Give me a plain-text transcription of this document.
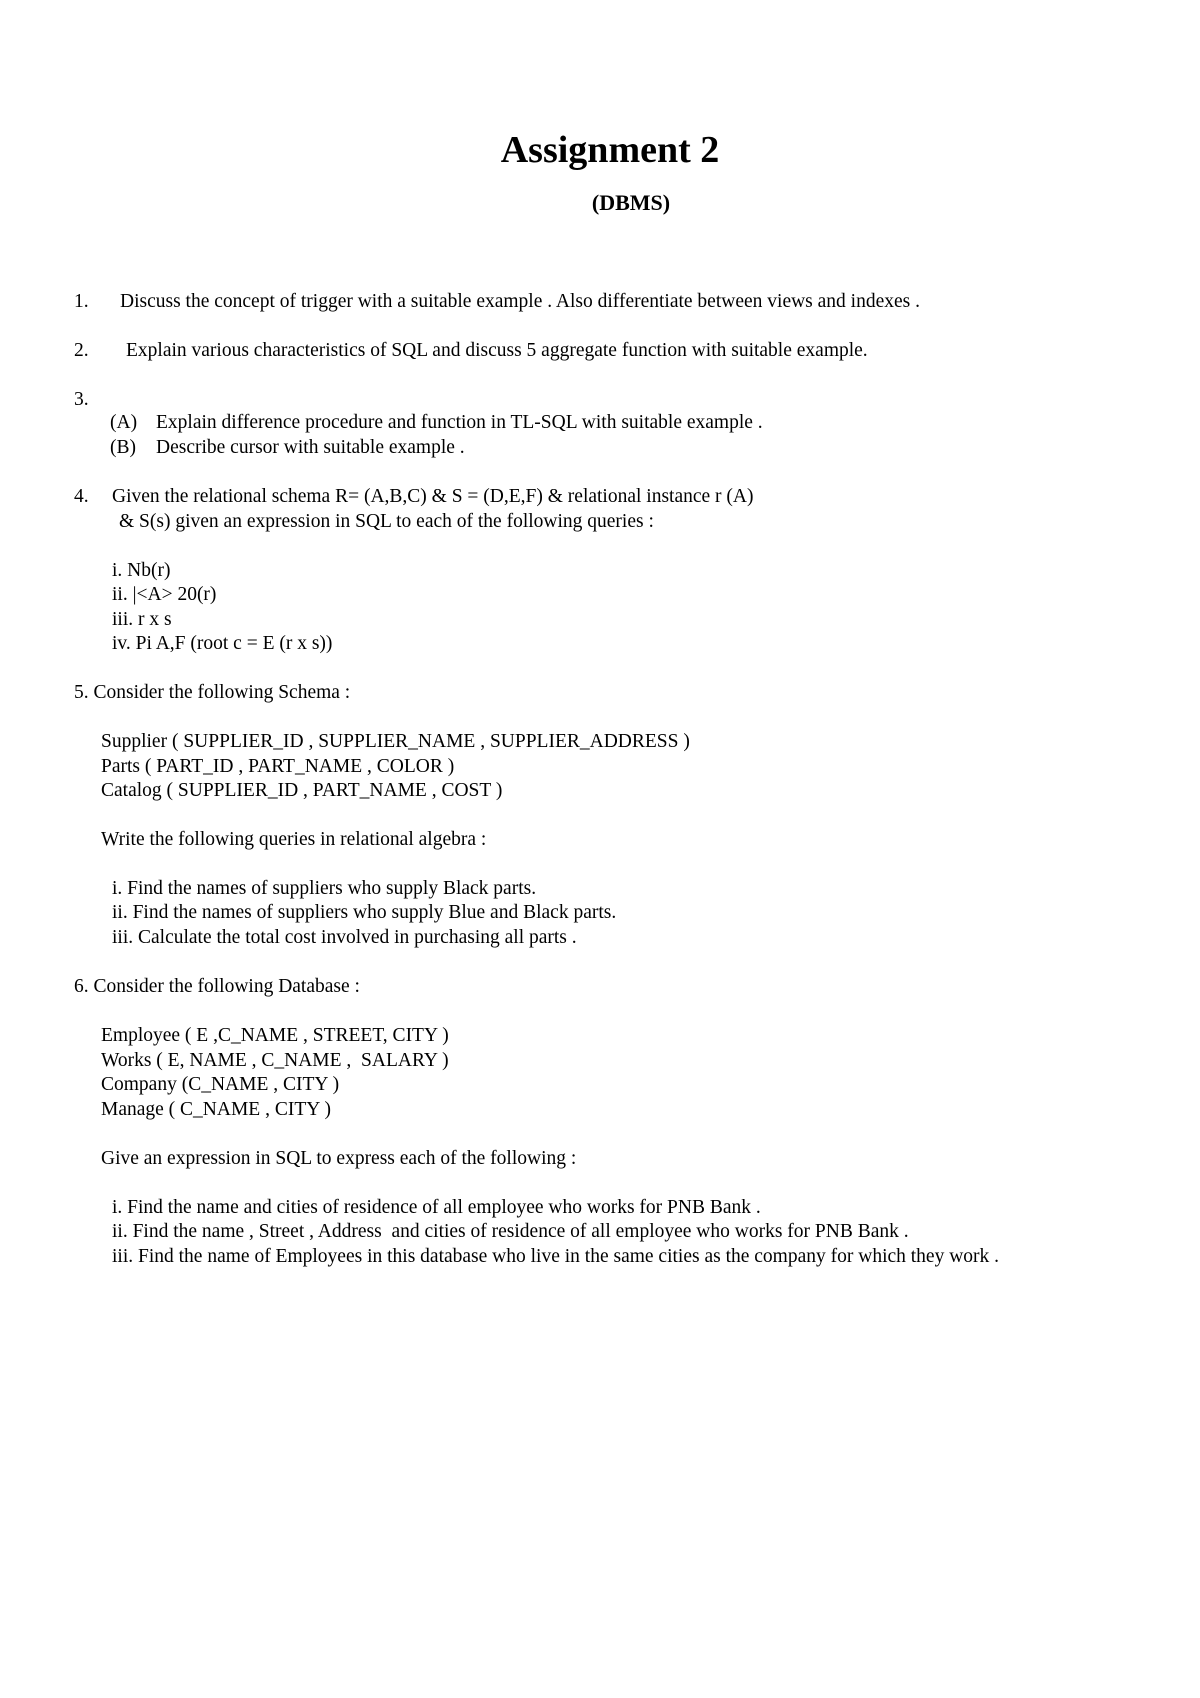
Assignment 2
(DBMS)
1. Discuss the concept of trigger with a suitable example . Also differentiate between views and indexes .
2. Explain various characteristics of SQL and discuss 5 aggregate function with suitable example.
3.
(A) Explain difference procedure and function in TL-SQL with suitable example .
(B) Describe cursor with suitable example .
4. Given the relational schema R= (A,B,C) & S = (D,E,F) & relational instance r (A)
& S(s) given an expression in SQL to each of the following queries :
i. Nb(r)
ii. |<A> 20(r)
iii. r x s
iv. Pi A,F (root c = E (r x s))
5. Consider the following Schema :
Supplier ( SUPPLIER_ID , SUPPLIER_NAME , SUPPLIER_ADDRESS )
Parts ( PART_ID , PART_NAME , COLOR )
Catalog ( SUPPLIER_ID , PART_NAME , COST )
Write the following queries in relational algebra :
i. Find the names of suppliers who supply Black parts.
ii. Find the names of suppliers who supply Blue and Black parts.
iii. Calculate the total cost involved in purchasing all parts .
6. Consider the following Database :
Employee ( E ,C_NAME , STREET, CITY )
Works ( E, NAME , C_NAME ,  SALARY )
Company (C_NAME , CITY )
Manage ( C_NAME , CITY )
Give an expression in SQL to express each of the following :
i. Find the name and cities of residence of all employee who works for PNB Bank .
ii. Find the name , Street , Address  and cities of residence of all employee who works for PNB Bank .
iii. Find the name of Employees in this database who live in the same cities as the company for which they work .
